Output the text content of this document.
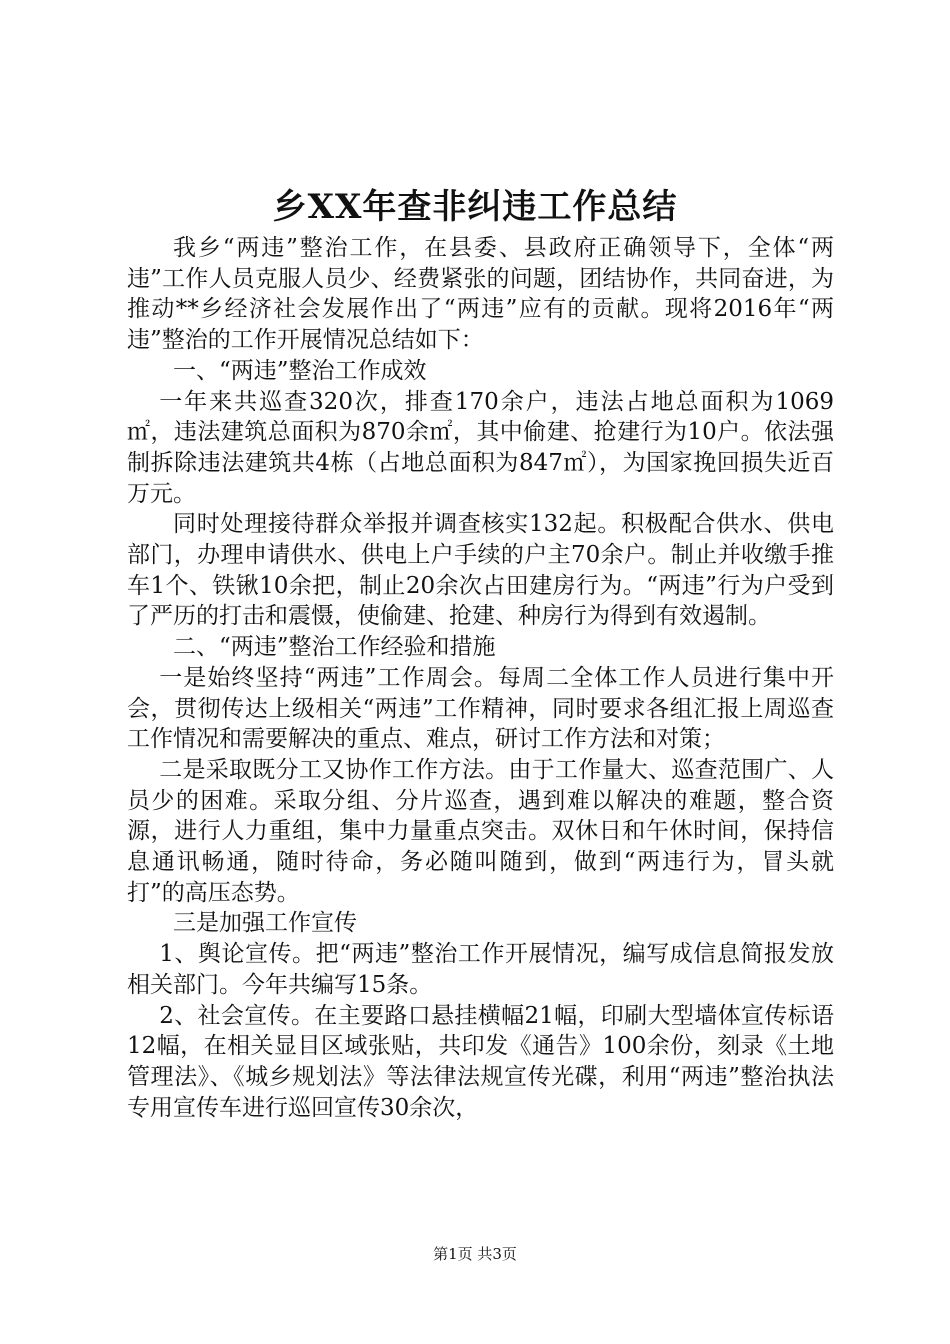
乡XX年查非纠违工作总结

我乡“两违”整治工作，在县委、县政府正确领导下，全体“两违”工作人员克服人员少、经费紧张的问题，团结协作，共同奋进，为推动**乡经济社会发展作出了“两违”应有的贡献。现将2016年“两违”整治的工作开展情况总结如下：

一、“两违”整治工作成效

一年来共巡查320次，排查170余户，违法占地总面积为1069㎡，违法建筑总面积为870余㎡，其中偷建、抢建行为10户。依法强制拆除违法建筑共4栋（占地总面积为847㎡），为国家挽回损失近百万元。

同时处理接待群众举报并调查核实132起。积极配合供水、供电部门，办理申请供水、供电上户手续的户主70余户。制止并收缴手推车1个、铁锹10余把，制止20余次占田建房行为。“两违”行为户受到了严历的打击和震慑，使偷建、抢建、种房行为得到有效遏制。

二、“两违”整治工作经验和措施

一是始终坚持“两违”工作周会。每周二全体工作人员进行集中开会，贯彻传达上级相关“两违”工作精神，同时要求各组汇报上周巡查工作情况和需要解决的重点、难点，研讨工作方法和对策；

二是采取既分工又协作工作方法。由于工作量大、巡查范围广、人员少的困难。采取分组、分片巡查，遇到难以解决的难题，整合资源，进行人力重组，集中力量重点突击。双休日和午休时间，保持信息通讯畅通，随时待命，务必随叫随到，做到“两违行为，冒头就打”的高压态势。

三是加强工作宣传

1、舆论宣传。把“两违”整治工作开展情况，编写成信息简报发放相关部门。今年共编写15条。

2、社会宣传。在主要路口悬挂横幅21幅，印刷大型墙体宣传标语12幅，在相关显目区域张贴，共印发《通告》100余份，刻录《土地管理法》、《城乡规划法》等法律法规宣传光碟，利用“两违”整治执法专用宣传车进行巡回宣传30余次，

第1页 共3页
